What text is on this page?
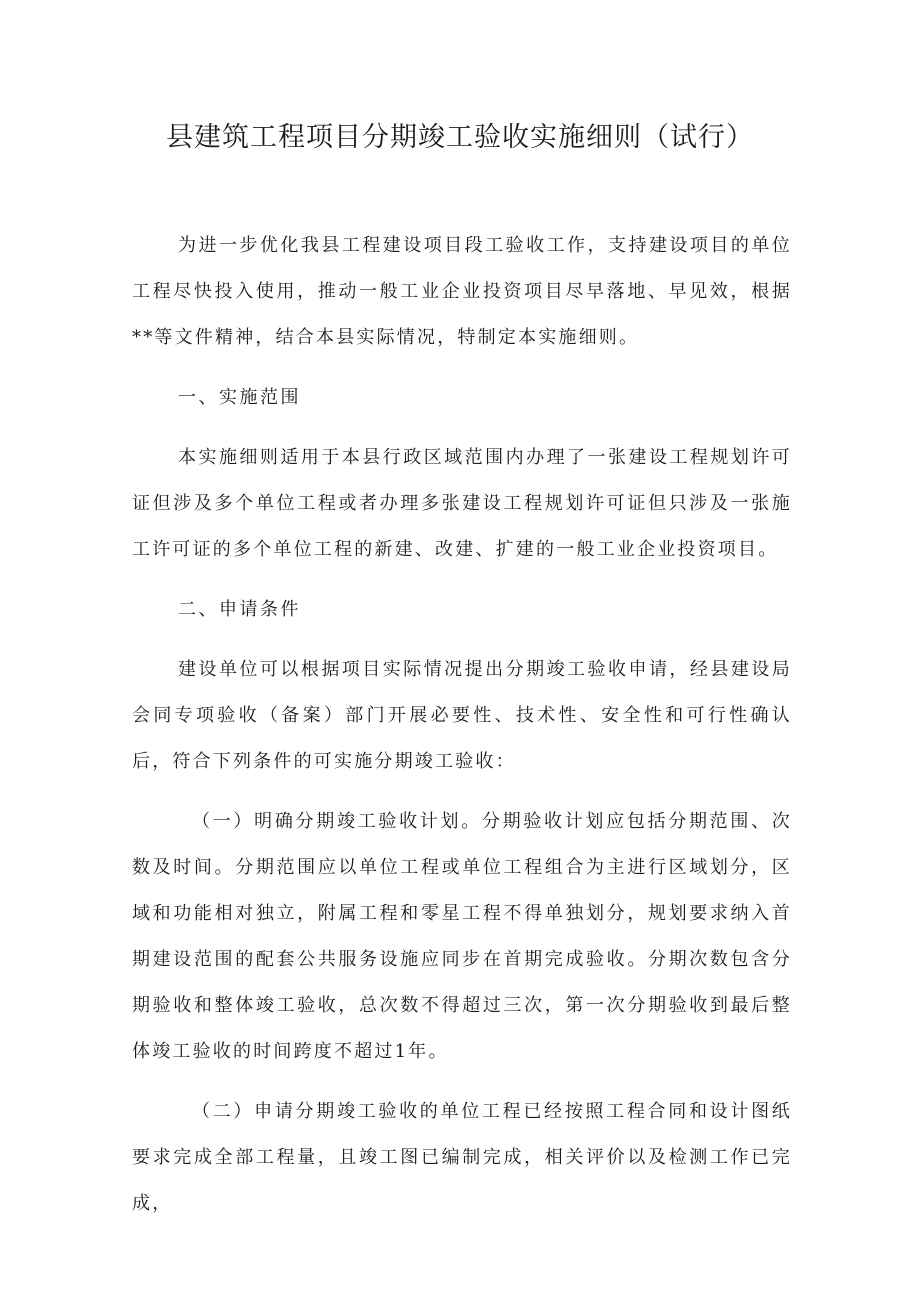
县建筑工程项目分期竣工验收实施细则（试行）

为进一步优化我县工程建设项目段工验收工作，支持建设项目的单位工程尽快投入使用，推动一般工业企业投资项目尽早落地、早见效，根据**等文件精神，结合本县实际情况，特制定本实施细则。

一、实施范围

本实施细则适用于本县行政区域范围内办理了一张建设工程规划许可证但涉及多个单位工程或者办理多张建设工程规划许可证但只涉及一张施工许可证的多个单位工程的新建、改建、扩建的一般工业企业投资项目。

二、申请条件

建设单位可以根据项目实际情况提出分期竣工验收申请，经县建设局会同专项验收（备案）部门开展必要性、技术性、安全性和可行性确认后，符合下列条件的可实施分期竣工验收：

（一）明确分期竣工验收计划。分期验收计划应包括分期范围、次数及时间。分期范围应以单位工程或单位工程组合为主进行区域划分，区域和功能相对独立，附属工程和零星工程不得单独划分，规划要求纳入首期建设范围的配套公共服务设施应同步在首期完成验收。分期次数包含分期验收和整体竣工验收，总次数不得超过三次，第一次分期验收到最后整体竣工验收的时间跨度不超过1年。

（二）申请分期竣工验收的单位工程已经按照工程合同和设计图纸要求完成全部工程量，且竣工图已编制完成，相关评价以及检测工作已完成，
